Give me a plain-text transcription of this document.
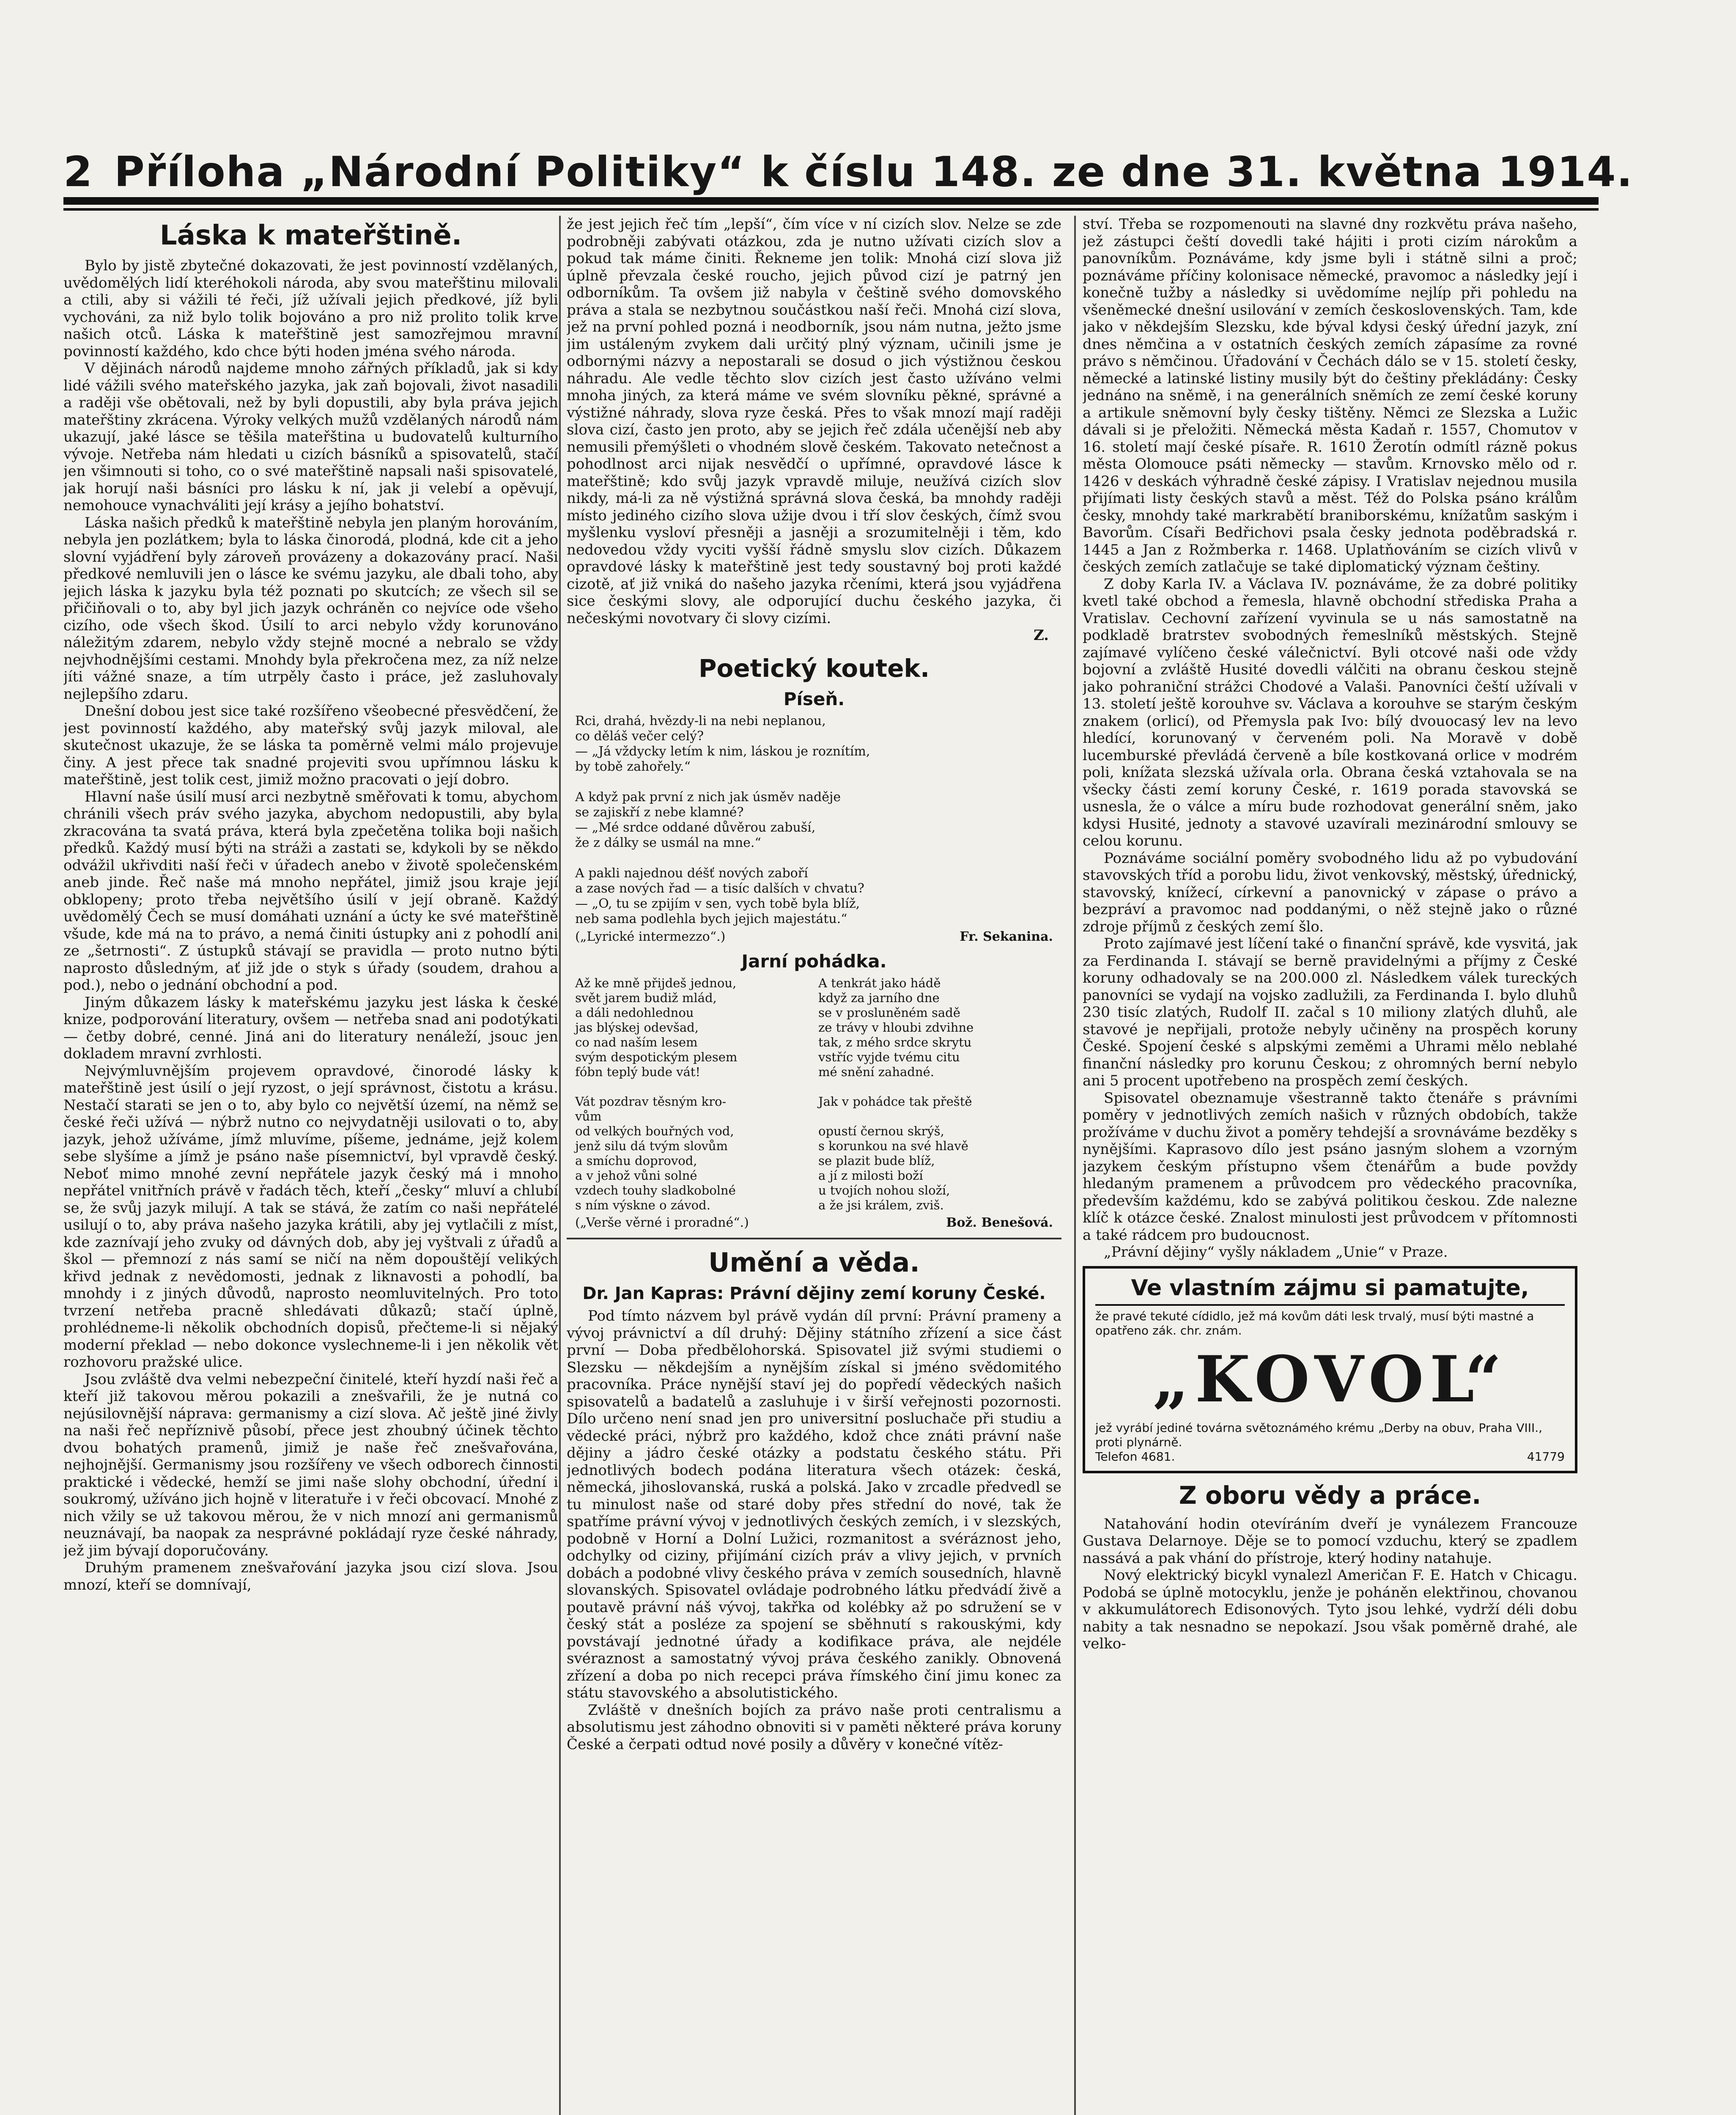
2 Příloha „Národní Politiky“ k číslu 148. ze dne 31. května 1914.
Láska k mateřštině.

Bylo by jistě zbytečné dokazovati, že jest povinností vzdělaných, uvědomělých lidí kteréhokoli národa, aby svou mateřštinu milovali a ctili, aby si vážili té řeči, jíž užívali jejich předkové, jíž byli vychováni, za niž bylo tolik bojováno a pro niž prolito tolik krve našich otců. Láska k mateřštině jest samozřejmou mravní povinností každého, kdo chce býti hoden jména svého národa.

V dějinách národů najdeme mnoho zářných příkladů, jak si kdy lidé vážili svého mateřského jazyka, jak zaň bojovali, život nasadili a raději vše obětovali, než by byli dopustili, aby byla práva jejich mateřštiny zkrácena. Výroky velkých mužů vzdělaných národů nám ukazují, jaké lásce se těšila mateřština u budovatelů kulturního vývoje. Netřeba nám hledati u cizích básníků a spisovatelů, stačí jen všimnouti si toho, co o své mateřštině napsali naši spisovatelé, jak horují naši básníci pro lásku k ní, jak ji velebí a opěvují, nemohouce vynachváliti její krásy a jejího bohatství.

Láska našich předků k mateřštině nebyla jen planým horováním, nebyla jen pozlátkem; byla to láska činorodá, plodná, kde cit a jeho slovní vyjádření byly zároveň provázeny a dokazovány prací. Naši předkové nemluvili jen o lásce ke svému jazyku, ale dbali toho, aby jejich láska k jazyku byla též poznati po skutcích; ze všech sil se přičiňovali o to, aby byl jich jazyk ochráněn co nejvíce ode všeho cizího, ode všech škod. Úsilí to arci nebylo vždy korunováno náležitým zdarem, nebylo vždy stejně mocné a nebralo se vždy nejvhodnějšími cestami. Mnohdy byla překročena mez, za níž nelze jíti vážné snaze, a tím utrpěly často i práce, jež zasluhovaly nejlepšího zdaru.

Dnešní dobou jest sice také rozšířeno všeobecné přesvědčení, že jest povinností každého, aby mateřský svůj jazyk miloval, ale skutečnost ukazuje, že se láska ta poměrně velmi málo projevuje činy. A jest přece tak snadné projeviti svou upřímnou lásku k mateřštině, jest tolik cest, jimiž možno pracovati o její dobro.

Hlavní naše úsilí musí arci nezbytně směřovati k tomu, abychom chránili všech práv svého jazyka, abychom nedopustili, aby byla zkracována ta svatá práva, která byla zpečetěna tolika boji našich předků. Každý musí býti na stráži a zastati se, kdykoli by se někdo odvážil ukřivditi naší řeči v úřadech anebo v životě společenském aneb jinde. Řeč naše má mnoho nepřátel, jimiž jsou kraje její obklopeny; proto třeba největšího úsilí v její obraně. Každý uvědomělý Čech se musí domáhati uznání a úcty ke své mateřštině všude, kde má na to právo, a nemá činiti ústupky ani z pohodlí ani ze „šetrnosti“. Z ústupků stávají se pravidla — proto nutno býti naprosto důsledným, ať již jde o styk s úřady (soudem, drahou a pod.), nebo o jednání obchodní a pod.

Jiným důkazem lásky k mateřskému jazyku jest láska k české knize, podporování literatury, ovšem — netřeba snad ani podotýkati — četby dobré, cenné. Jiná ani do literatury nenáleží, jsouc jen dokladem mravní zvrhlosti.

Nejvýmluvnějším projevem opravdové, činorodé lásky k mateřštině jest úsilí o její ryzost, o její správnost, čistotu a krásu. Nestačí starati se jen o to, aby bylo co největší území, na němž se české řeči užívá — nýbrž nutno co nejvydatněji usilovati o to, aby jazyk, jehož užíváme, jímž mluvíme, píšeme, jednáme, jejž kolem sebe slyšíme a jímž je psáno naše písemnictví, byl vpravdě český. Neboť mimo mnohé zevní nepřátele jazyk český má i mnoho nepřátel vnitřních právě v řadách těch, kteří „česky“ mluví a chlubí se, že svůj jazyk milují. A tak se stává, že zatím co naši nepřátelé usilují o to, aby práva našeho jazyka krátili, aby jej vytlačili z míst, kde zaznívají jeho zvuky od dávných dob, aby jej vyštvali z úřadů a škol — přemnozí z nás samí se ničí na něm dopouštějí velikých křivd jednak z nevědomosti, jednak z liknavosti a pohodlí, ba mnohdy i z jiných důvodů, naprosto neomluvitelných. Pro toto tvrzení netřeba pracně shledávati důkazů; stačí úplně, prohlédneme-li několik obchodních dopisů, přečteme-li si nějaký moderní překlad — nebo dokonce vyslechneme-li i jen několik vět rozhovoru pražské ulice.

Jsou zvláště dva velmi nebezpeční činitelé, kteří hyzdí naši řeč a kteří již takovou měrou pokazili a znešvařili, že je nutná co nejúsilovnější náprava: germanismy a cizí slova. Ač ještě jiné živly na naši řeč nepříznivě působí, přece jest zhoubný účinek těchto dvou bohatých pramenů, jimiž je naše řeč znešvařována, nejhojnější. Germanismy jsou rozšířeny ve všech odborech činnosti praktické i vědecké, hemží se jimi naše slohy obchodní, úřední i soukromý, užíváno jich hojně v literatuře i v řeči obcovací. Mnohé z nich vžily se už takovou měrou, že v nich mnozí ani germanismů neuznávají, ba naopak za nesprávné pokládají ryze české náhrady, jež jim bývají doporučovány.

Druhým pramenem znešvařování jazyka jsou cizí slova. Jsou mnozí, kteří se domnívají,

že jest jejich řeč tím „lepší“, čím více v ní cizích slov. Nelze se zde podrobněji zabývati otázkou, zda je nutno užívati cizích slov a pokud tak máme činiti. Řekneme jen tolik: Mnohá cizí slova již úplně převzala české roucho, jejich původ cizí je patrný jen odborníkům. Ta ovšem již nabyla v češtině svého domovského práva a stala se nezbytnou součástkou naší řeči. Mnohá cizí slova, jež na první pohled pozná i neodborník, jsou nám nutna, ježto jsme jim ustáleným zvykem dali určitý plný význam, učinili jsme je odbornými názvy a nepostarali se dosud o jich výstižnou českou náhradu. Ale vedle těchto slov cizích jest často užíváno velmi mnoha jiných, za která máme ve svém slovníku pěkné, správné a výstižné náhrady, slova ryze česká. Přes to však mnozí mají raději slova cizí, často jen proto, aby se jejich řeč zdála učenější neb aby nemusili přemýšleti o vhodném slově českém. Takovato netečnost a pohodlnost arci nijak nesvědčí o upřímné, opravdové lásce k mateřštině; kdo svůj jazyk vpravdě miluje, neužívá cizích slov nikdy, má-li za ně výstižná správná slova česká, ba mnohdy raději místo jediného cizího slova užije dvou i tří slov českých, čímž svou myšlenku vysloví přesněji a jasněji a srozumitelněji i těm, kdo nedovedou vždy vyciti vyšší řádně smyslu slov cizích. Důkazem opravdové lásky k mateřštině jest tedy soustavný boj proti každé cizotě, ať již vniká do našeho jazyka rčeními, která jsou vyjádřena sice českými slovy, ale odporující duchu českého jazyka, či nečeskými novotvary či slovy cizími.

Z.
Poetický koutek.
Píseň.
Rci, drahá, hvězdy-li na nebi neplanou,
co děláš večer celý?
— „Já vždycky letím k nim, láskou je roznítím,
by tobě zahořely.“

A když pak první z nich jak úsměv naděje
se zajiskří z nebe klamné?
— „Mé srdce oddané důvěrou zabuší,
že z dálky se usmál na mne.“

A pakli najednou déšť nových zaboří
a zase nových řad — a tisíc dalších v chvatu?
— „O, tu se zpijím v sen, vych tobě byla blíž,
neb sama podlehla bych jejich majestátu.“
(„Lyrické intermezzo“.)	Fr. Sekanina.
Jarní pohádka.
Až ke mně přijdeš jednou,
svět jarem budiž mlád,
a dáli nedohlednou
jas blýskej odevšad,
co nad naším lesem
svým despotickým plesem
fóbn teplý bude vát!

Vát pozdrav těsným kro-
vům
od velkých bouřných vod,
jenž silu dá tvým slovům
a smíchu doprovod,
a v jehož vůni solné
vzdech touhy sladkobolné
s ním výskne o závod.
A tenkrát jako hádě
když za jarního dne
se v prosluněném sadě
ze trávy v hloubi zdvihne
tak, z mého srdce skrytu
vstříc vyjde tvému citu
mé snění zahadné.

Jak v pohádce tak přeště

opustí černou skrýš,
s korunkou na své hlavě
se plazit bude blíž,
a jí z milosti boží
u tvojích nohou složí,
a že jsi králem, zviš.
(„Verše věrné i proradné“.)	Bož. Benešová.
Umění a věda.
Dr. Jan Kapras: Právní dějiny zemí koruny České.

Pod tímto názvem byl právě vydán díl první: Právní prameny a vývoj právnictví a díl druhý: Dějiny státního zřízení a sice část první — Doba předbělohorská. Spisovatel již svými studiemi o Slezsku — někdejším a nynějším získal si jméno svědomitého pracovníka. Práce nynější staví jej do popředí vědeckých našich spisovatelů a badatelů a zasluhuje i v širší veřejnosti pozornosti. Dílo určeno není snad jen pro universitní posluchače při studiu a vědecké práci, nýbrž pro každého, kdož chce znáti právní naše dějiny a jádro české otázky a podstatu českého státu. Při jednotlivých bodech podána literatura všech otázek: česká, německá, jihoslovanská, ruská a polská. Jako v zrcadle předvedl se tu minulost naše od staré doby přes střední do nové, tak že spatříme právní vývoj v jednotlivých českých zemích, i v slezských, podobně v Horní a Dolní Lužici, rozmanitost a svéráznost jeho, odchylky od ciziny, přijímání cizích práv a vlivy jejich, v prvních dobách a podobné vlivy českého práva v zemích sousedních, hlavně slovanských. Spisovatel ovládaje podrobného látku předvádí živě a poutavě právní náš vývoj, takřka od kolébky až po sdružení se v český stát a posléze za spojení se sběhnutí s rakouskými, kdy povstávají jednotné úřady a kodifikace práva, ale nejdéle svéraznost a samostatný vývoj práva českého zanikly. Obnovená zřízení a doba po nich recepci práva římského činí jimu konec za státu stavovského a absolutistického.

Zvláště v dnešních bojích za právo naše proti centralismu a absolutismu jest záhodno obnoviti si v paměti některé práva koruny České a čerpati odtud nové posily a důvěry v konečné vítěz-

ství. Třeba se rozpomenouti na slavné dny rozkvětu práva našeho, jež zástupci čeští dovedli také hájiti i proti cizím nárokům a panovníkům. Poznáváme, kdy jsme byli i státně silni a proč; poznáváme příčiny kolonisace německé, pravomoc a následky její i konečně tužby a následky si uvědomíme nejlíp při pohledu na všeněmecké dnešní usilování v zemích československých. Tam, kde jako v někdejším Slezsku, kde býval kdysi český úřední jazyk, zní dnes němčina a v ostatních českých zemích zápasíme za rovné právo s němčinou. Úřadování v Čechách dálo se v 15. století česky, německé a latinské listiny musily být do češtiny překládány: Česky jednáno na sněmě, i na generálních sněmích ze zemí české koruny a artikule sněmovní byly česky tištěny. Němci ze Slezska a Lužic dávali si je přeložiti. Německá města Kadaň r. 1557, Chomutov v 16. století mají české písaře. R. 1610 Žerotín odmítl rázně pokus města Olomouce psáti německy — stavům. Krnovsko mělo od r. 1426 v deskách výhradně české zápisy. I Vratislav nejednou musila přijímati listy českých stavů a měst. Též do Polska psáno králům česky, mnohdy také markrabětí braniborskému, knížatům saským i Bavorům. Císaři Bedřichovi psala česky jednota poděbradská r. 1445 a Jan z Rožmberka r. 1468. Uplatňováním se cizích vlivů v českých zemích zatlačuje se také diplomatický význam češtiny.

Z doby Karla IV. a Václava IV. poznáváme, že za dobré politiky kvetl také obchod a řemesla, hlavně obchodní střediska Praha a Vratislav. Cechovní zařízení vyvinula se u nás samostatně na podkladě bratrstev svobodných řemeslníků městských. Stejně zajímavé vylíčeno české válečnictví. Byli otcové naši ode vždy bojovní a zvláště Husité dovedli válčiti na obranu českou stejně jako pohraniční strážci Chodové a Valaši. Panovníci čeští užívali v 13. století ještě korouhve sv. Václava a korouhve se starým českým znakem (orlicí), od Přemysla pak Ivo: bílý dvouocasý lev na levo hledící, korunovaný v červeném poli. Na Moravě v době lucemburské převládá červeně a bíle kostkovaná orlice v modrém poli, knížata slezská užívala orla. Obrana česká vztahovala se na všecky části zemí koruny České, r. 1619 porada stavovská se usnesla, že o válce a míru bude rozhodovat generální sněm, jako kdysi Husité, jednoty a stavové uzavírali mezinárodní smlouvy se celou korunu.

Poznáváme sociální poměry svobodného lidu až po vybudování stavovských tříd a porobu lidu, život venkovský, městský, úřednický, stavovský, knížecí, církevní a panovnický v zápase o právo a bezpráví a pravomoc nad poddanými, o něž stejně jako o různé zdroje příjmů z českých zemí šlo.

Proto zajímavé jest líčení také o finanční správě, kde vysvitá, jak za Ferdinanda I. stávají se berně pravidelnými a příjmy z České koruny odhadovaly se na 200.000 zl. Následkem válek tureckých panovníci se vydají na vojsko zadlužili, za Ferdinanda I. bylo dluhů 230 tisíc zlatých, Rudolf II. začal s 10 miliony zlatých dluhů, ale stavové je nepřijali, protože nebyly učiněny na prospěch koruny České. Spojení české s alpskými zeměmi a Uhrami mělo neblahé finanční následky pro korunu Českou; z ohromných berní nebylo ani 5 procent upotřebeno na prospěch zemí českých.

Spisovatel obeznamuje všestranně takto čtenáře s právními poměry v jednotlivých zemích našich v různých obdobích, takže prožíváme v duchu život a poměry tehdejší a srovnáváme bezděky s nynějšími. Kaprasovo dílo jest psáno jasným slohem a vzorným jazykem českým přístupno všem čtenářům a bude povždy hledaným pramenem a průvodcem pro vědeckého pracovníka, především každému, kdo se zabývá politikou českou. Zde nalezne klíč k otázce české. Znalost minulosti jest průvodcem v přítomnosti a také rádcem pro budoucnost.

„Právní dějiny“ vyšly nákladem „Unie“ v Praze.

Ve vlastním zájmu si pamatujte,
že pravé tekuté cídidlo, jež má kovům dáti lesk trvalý, musí býti mastné a opatřeno zák. chr. znám.
„KOVOL“
jež vyrábí jediné továrna světoznámého krému „Derby na obuv, Praha VIII., proti plynárně.
Telefon 4681.	41779
Z oboru vědy a práce.

Natahování hodin otevíráním dveří je vynálezem Francouze Gustava Delarnoye. Děje se to pomocí vzduchu, který se zpadlem nassává a pak vhání do přístroje, který hodiny natahuje.

Nový elektrický bicykl vynalezl Američan F. E. Hatch v Chicagu. Podobá se úplně motocyklu, jenže je poháněn elektřinou, chovanou v akkumulátorech Edisonových. Tyto jsou lehké, vydrží déli dobu nabity a tak nesnadno se nepokazí. Jsou však poměrně drahé, ale velko-
